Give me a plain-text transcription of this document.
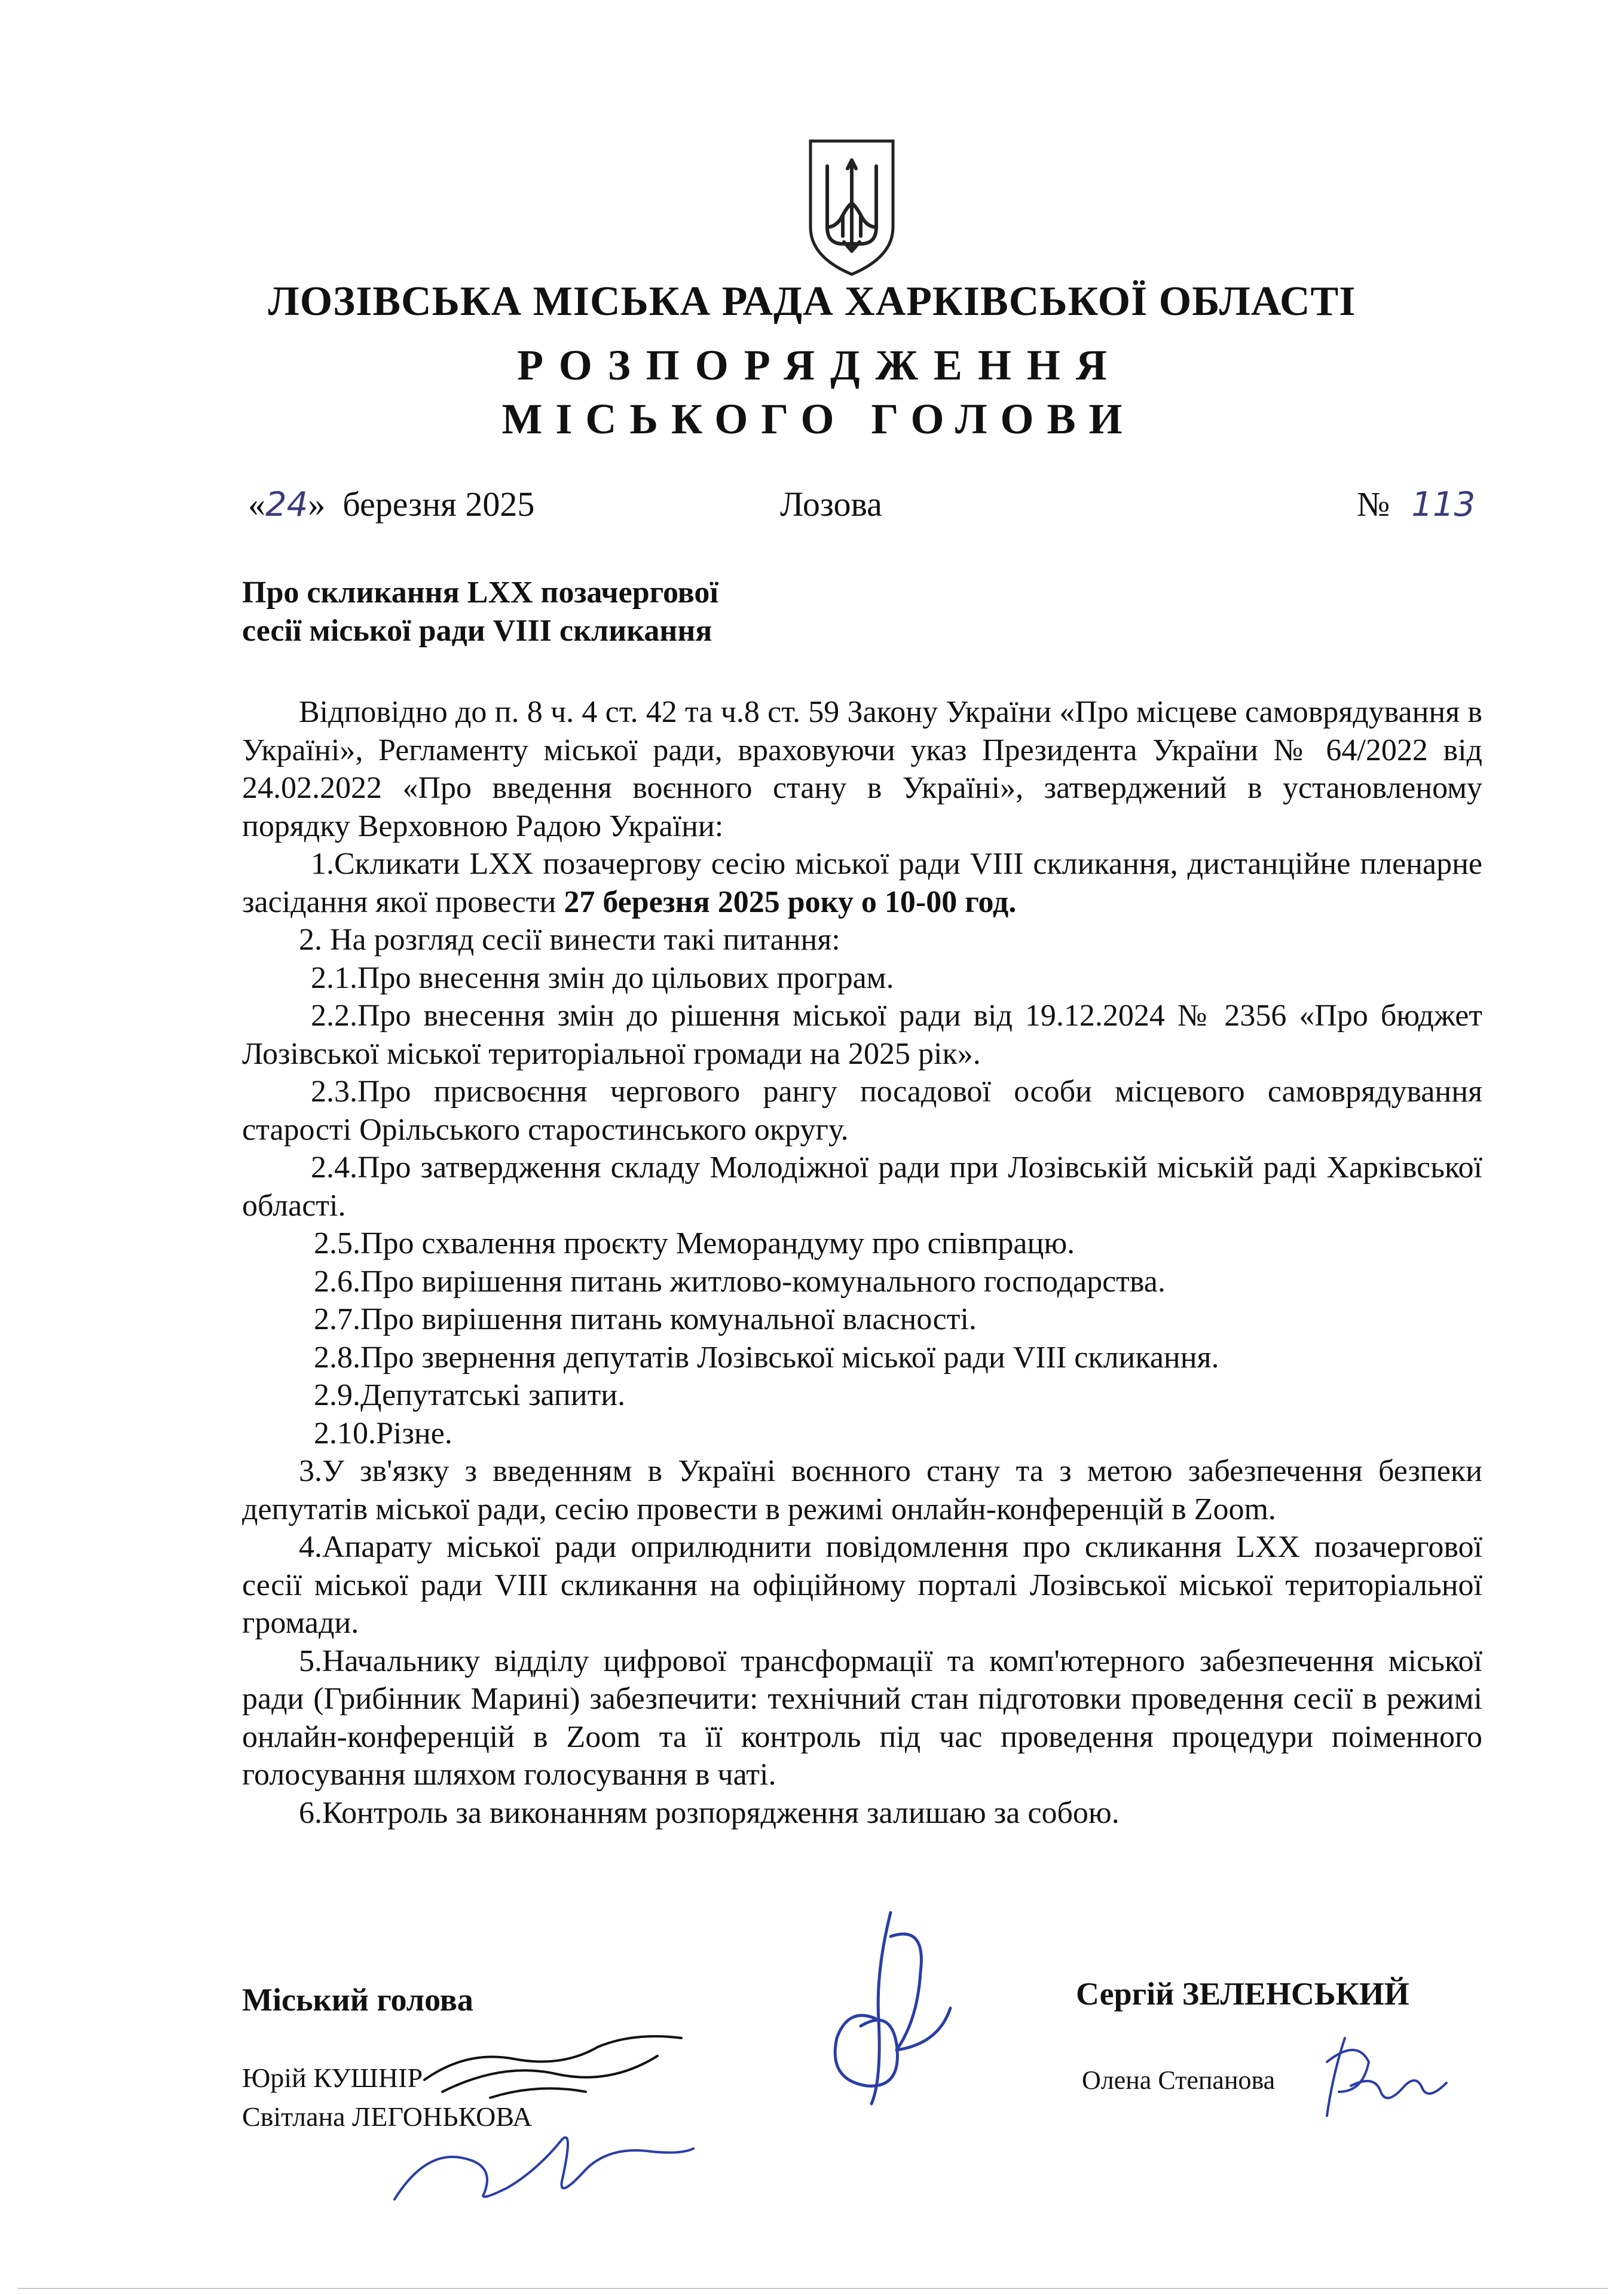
ЛОЗІВСЬКА МІСЬКА РАДА ХАРКІВСЬКОЇ ОБЛАСТІ
РОЗПОРЯДЖЕННЯ
МІСЬКОГО ГОЛОВИ
«24» березня 2025	Лозова	№ 113
Про скликання LXX позачергової
сесії міської ради VIII скликання

Відповідно до п. 8 ч. 4 ст. 42 та ч.8 ст. 59 Закону України «Про місцеве самоврядування в Україні», Регламенту міської ради, враховуючи указ Президента України № 64/2022 від 24.02.2022 «Про введення воєнного стану в Україні», затверджений в установленому порядку Верховною Радою України:

1.Скликати LXX позачергову сесію міської ради VIII скликання, дистанційне пленарне засідання якої провести 27 березня 2025 року о 10-00 год.

2. На розгляд сесії винести такі питання:

2.1.Про внесення змін до цільових програм.

2.2.Про внесення змін до рішення міської ради від 19.12.2024 № 2356 «Про бюджет Лозівської міської територіальної громади на 2025 рік».

2.3.Про присвоєння чергового рангу посадової особи місцевого самоврядування старості Орільського старостинського округу.

2.4.Про затвердження складу Молодіжної ради при Лозівській міській раді Харківської області.

2.5.Про схвалення проєкту Меморандуму про співпрацю.

2.6.Про вирішення питань житлово-комунального господарства.

2.7.Про вирішення питань комунальної власності.

2.8.Про звернення депутатів Лозівської міської ради VIII скликання.

2.9.Депутатські запити.

2.10.Різне.

3.У зв'язку з введенням в Україні воєнного стану та з метою забезпечення безпеки депутатів міської ради, сесію провести в режимі онлайн-конференцій в Zoom.

4.Апарату міської ради оприлюднити повідомлення про скликання LXX позачергової сесії міської ради VIII скликання на офіційному порталі Лозівської міської територіальної громади.

5.Начальнику відділу цифрової трансформації та комп'ютерного забезпечення міської ради (Грибінник Марині) забезпечити: технічний стан підготовки проведення сесії в режимі онлайн-конференцій в Zoom та її контроль під час проведення процедури поіменного голосування шляхом голосування в чаті.

6.Контроль за виконанням розпорядження залишаю за собою.

Міський голова	Сергій ЗЕЛЕНСЬКИЙ
Юрій КУШНІР
Світлана ЛЕГОНЬКОВА
Олена Степанова
